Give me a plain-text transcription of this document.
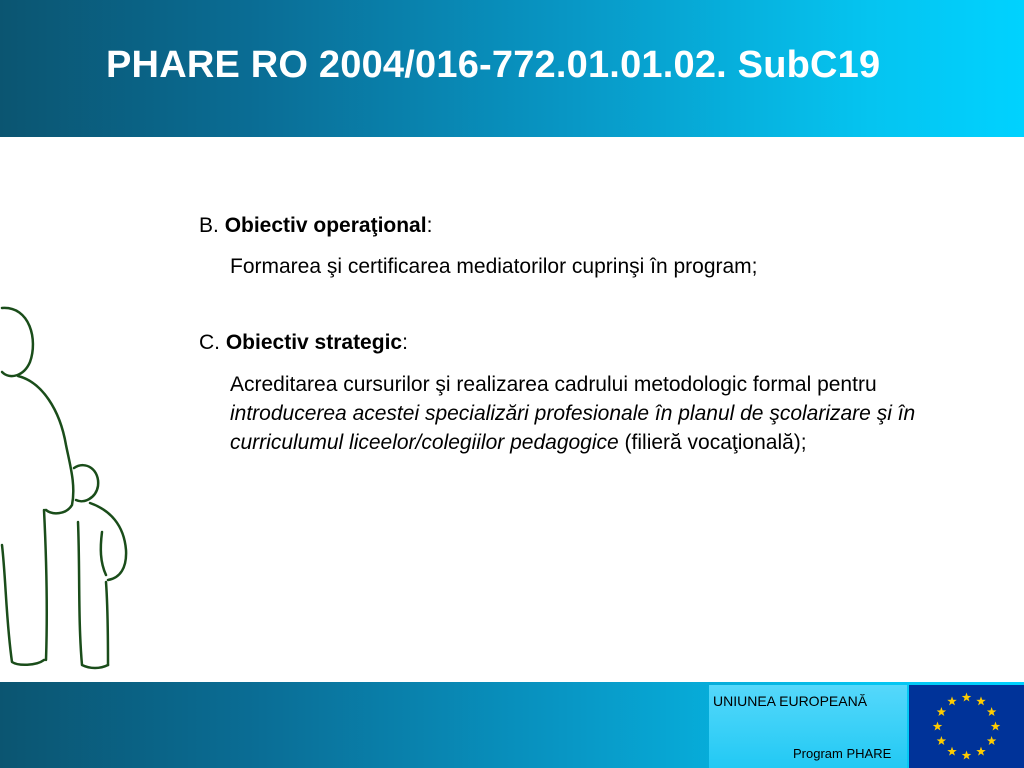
PHARE RO 2004/016-772.01.01.02. SubC19

B. Obiectiv operaţional:

Formarea şi certificarea mediatorilor cuprinşi în program;

C. Obiectiv strategic:

Acreditarea cursurilor şi realizarea cadrului metodologic formal pentru introducerea acestei specializări profesionale în planul de şcolarizare şi în curriculumul liceelor/colegiilor pedagogice (filieră vocaţională);

UNIUNEA EUROPEANĂ
Program PHARE
